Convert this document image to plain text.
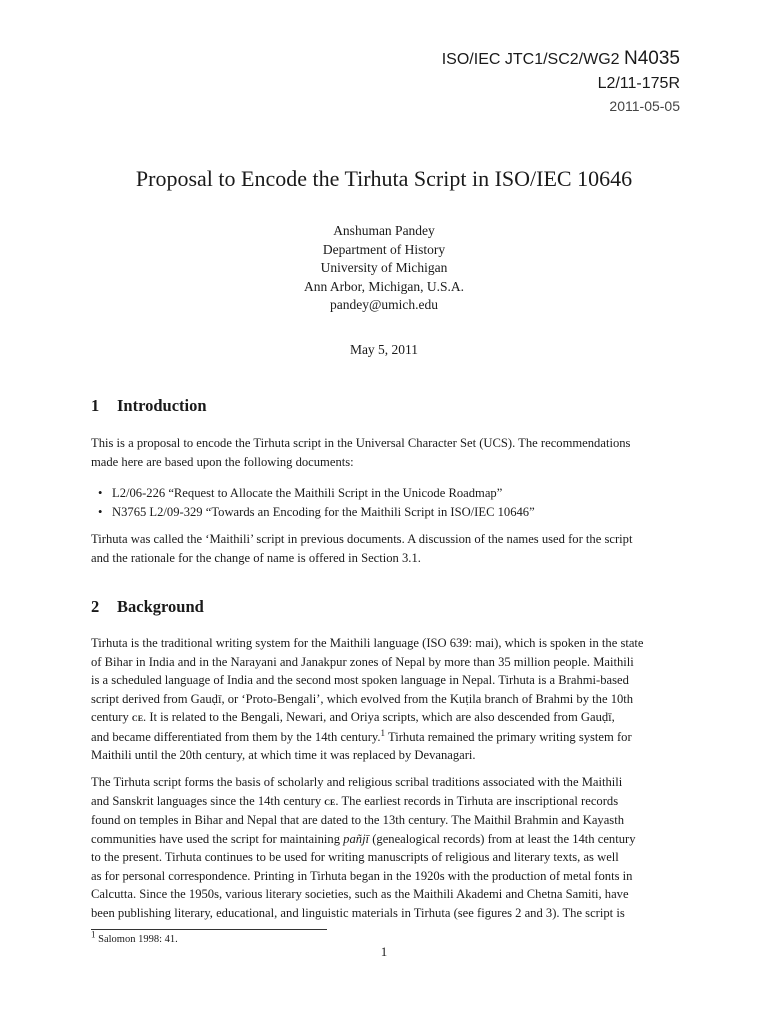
ISO/IEC JTC1/SC2/WG2 N4035
L2/11-175R
2011-05-05
Proposal to Encode the Tirhuta Script in ISO/IEC 10646
Anshuman Pandey
Department of History
University of Michigan
Ann Arbor, Michigan, U.S.A.
pandey@umich.edu
May 5, 2011
1 Introduction
This is a proposal to encode the Tirhuta script in the Universal Character Set (UCS). The recommendations
made here are based upon the following documents:
• L2/06-226 “Request to Allocate the Maithili Script in the Unicode Roadmap”
• N3765 L2/09-329 “Towards an Encoding for the Maithili Script in ISO/IEC 10646”
Tirhuta was called the ‘Maithili’ script in previous documents. A discussion of the names used for the script
and the rationale for the change of name is offered in Section 3.1.
2 Background
Tirhuta is the traditional writing system for the Maithili language (ISO 639: mai), which is spoken in the state
of Bihar in India and in the Narayani and Janakpur zones of Nepal by more than 35 million people. Maithili
is a scheduled language of India and the second most spoken language in Nepal. Tirhuta is a Brahmi-based
script derived from Gauḍī, or ‘Proto-Bengali’, which evolved from the Kuṭila branch of Brahmi by the 10th
century ce. It is related to the Bengali, Newari, and Oriya scripts, which are also descended from Gauḍī,
and became differentiated from them by the 14th century.$^1$ Tirhuta remained the primary writing system for
Maithili until the 20th century, at which time it was replaced by Devanagari.
The Tirhuta script forms the basis of scholarly and religious scribal traditions associated with the Maithili
and Sanskrit languages since the 14th century ce. The earliest records in Tirhuta are inscriptional records
found on temples in Bihar and Nepal that are dated to the 13th century. The Maithil Brahmin and Kayasth
communities have used the script for maintaining pañjī (genealogical records) from at least the 14th century
to the present. Tirhuta continues to be used for writing manuscripts of religious and literary texts, as well
as for personal correspondence. Printing in Tirhuta began in the 1920s with the production of metal fonts in
Calcutta. Since the 1950s, various literary societies, such as the Maithili Akademi and Chetna Samiti, have
been publishing literary, educational, and linguistic materials in Tirhuta (see figures 2 and 3). The script is
$^1$ Salomon 1998: 41.
1
